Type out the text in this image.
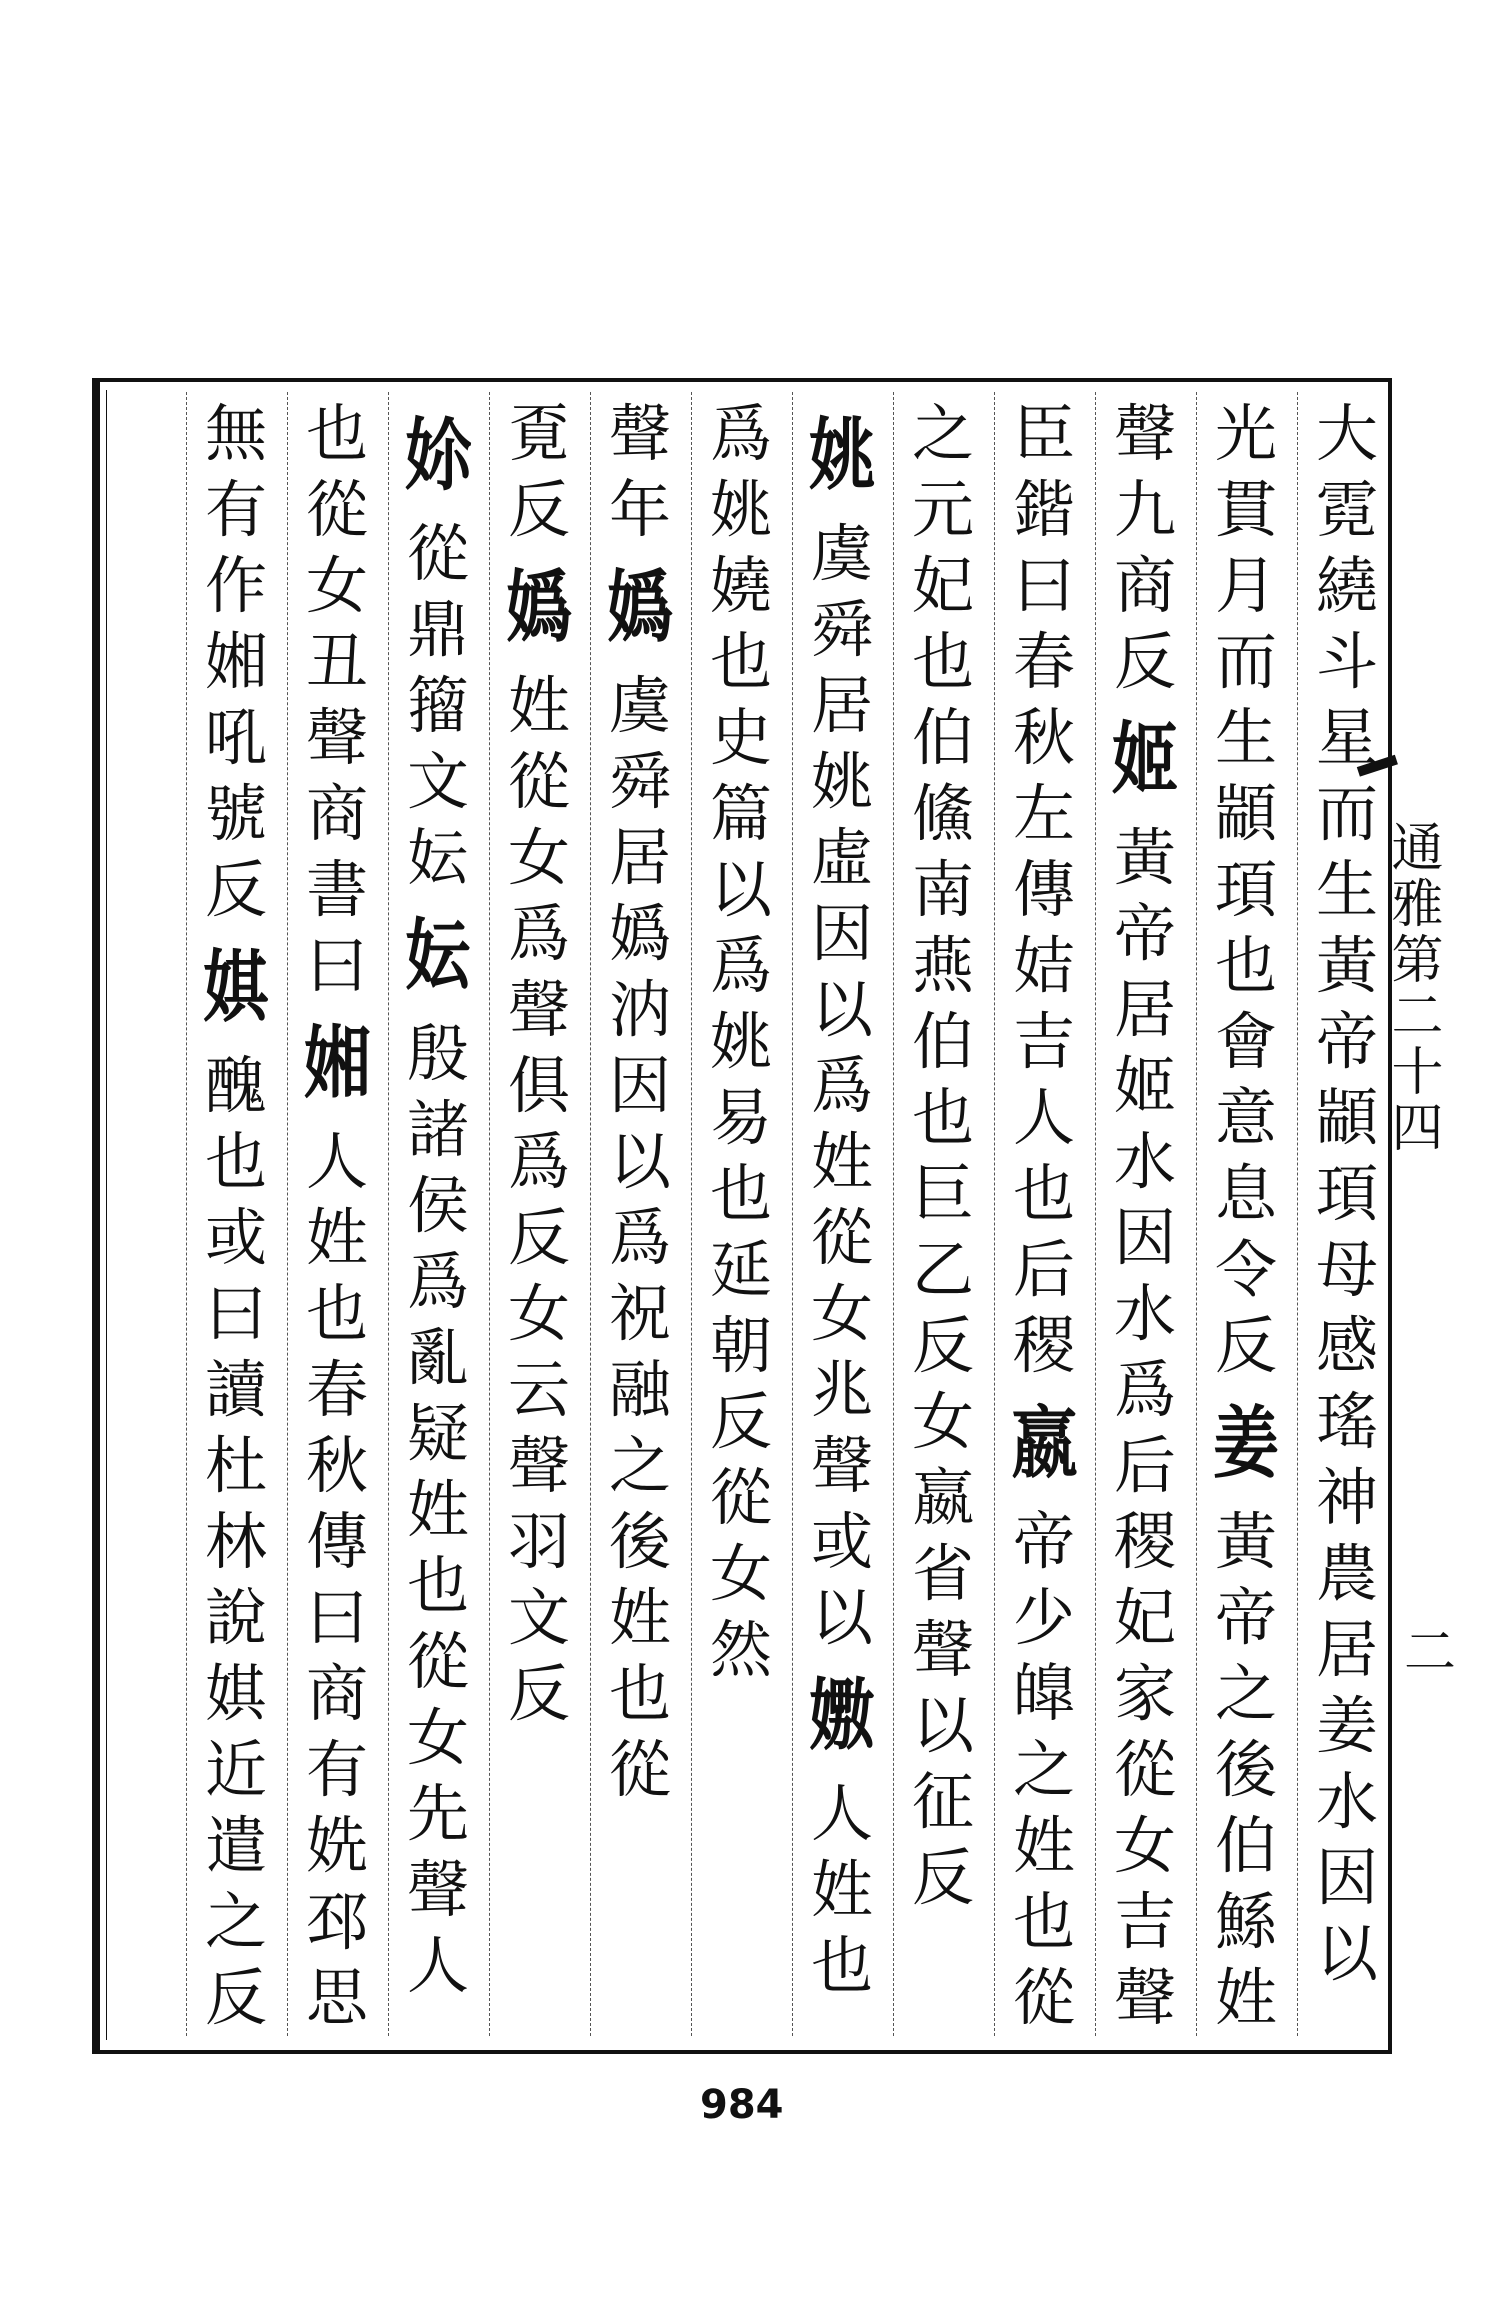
通雅第二十四
二
大
霓
繞
斗
星
而
生
黃
帝
顓
頊
母
感
瑤
神
農
居
姜
水
因
以
光
貫
月
而
生
顓
頊
也
會
意
息
令
反
姜
黃
帝
之
後
伯
鯀
姓
聲
九
商
反
姬
黃
帝
居
姬
水
因
水
爲
后
稷
妃
家
從
女
吉
聲
臣
鍇
曰
春
秋
左
傳
姞
吉
人
也
后
稷
嬴
帝
少
皥
之
姓
也
從
之
元
妃
也
伯
鯈
南
燕
伯
也
巨
乙
反
女
嬴
省
聲
以
征
反
姚
虞
舜
居
姚
虛
因
以
爲
姓
從
女
兆
聲
或
以
嫐
人
姓
也
爲
姚
嬈
也
史
篇
以
爲
姚
易
也
延
朝
反
從
女
然
聲
年
嬀
虞
舜
居
嬀
汭
因
以
爲
祝
融
之
後
姓
也
從
覔
反
嬀
姓
從
女
爲
聲
俱
爲
反
女
云
聲
羽
文
反
㚷
從
鼎
籀
文
妘
妘
殷
諸
侯
爲
亂
疑
姓
也
從
女
先
聲
人
也
從
女
丑
聲
商
書
曰
㜀
人
姓
也
春
秋
傳
曰
商
有
姺
邳
思
無
有
作
㜀
吼
號
反
娸
醜
也
或
曰
讀
杜
林
說
娸
近
遣
之
反
984
